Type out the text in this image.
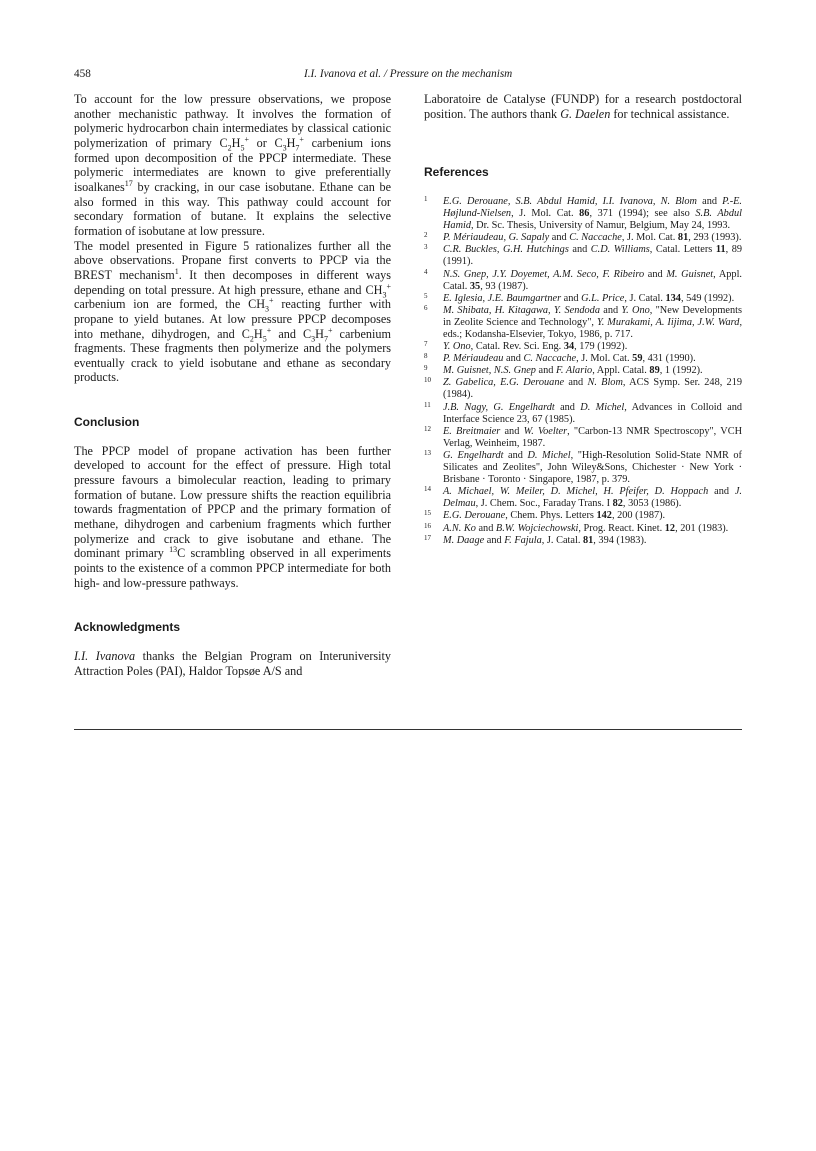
458	I.I. Ivanova et al. / Pressure on the mechanism

To account for the low pressure observations, we propose another mechanistic pathway. It involves the formation of polymeric hydrocarbon chain intermediates by classical cationic polymerization of primary $C_2H_5^+$ or $C_3H_7^+$ carbenium ions formed upon decomposition of the PPCP intermediate. These polymeric intermediates are known to give preferentially isoalkanes$^{17}$ by cracking, in our case isobutane. Ethane can be also formed in this way. This pathway could account for secondary formation of butane. It explains the selective formation of isobutane at low pressure.

The model presented in Figure 5 rationalizes further all the above observations. Propane first converts to PPCP via the BREST mechanism$^1$. It then decomposes in different ways depending on total pressure. At high pressure, ethane and $CH_3^+$ carbenium ion are formed, the $CH_3^+$ reacting further with propane to yield butanes. At low pressure PPCP decomposes into methane, dihydrogen, and $C_2H_5^+$ and $C_3H_7^+$ carbenium fragments. These fragments then polymerize and the polymers eventually crack to yield isobutane and ethane as secondary products.

Conclusion

The PPCP model of propane activation has been further developed to account for the effect of pressure. High total pressure favours a bimolecular reaction, leading to primary formation of butane. Low pressure shifts the reaction equilibria towards fragmentation of PPCP and the primary formation of methane, dihydrogen and carbenium fragments which further polymerize and crack to give isobutane and ethane. The dominant primary $^{13}$C scrambling observed in all experiments points to the existence of a common PPCP intermediate for both high- and low-pressure pathways.

Acknowledgments

I.I. Ivanova thanks the Belgian Program on Interuniversity Attraction Poles (PAI), Haldor Topsøe A/S and

Laboratoire de Catalyse (FUNDP) for a research postdoctoral position. The authors thank G. Daelen for technical assistance.

References

1 E.G. Derouane, S.B. Abdul Hamid, I.I. Ivanova, N. Blom and P.-E. Højlund-Nielsen, J. Mol. Cat. 86, 371 (1994); see also S.B. Abdul Hamid, Dr. Sc. Thesis, University of Namur, Belgium, May 24, 1993.

2 P. Mériaudeau, G. Sapaly and C. Naccache, J. Mol. Cat. 81, 293 (1993).

3 C.R. Buckles, G.H. Hutchings and C.D. Williams, Catal. Letters 11, 89 (1991).

4 N.S. Gnep, J.Y. Doyemet, A.M. Seco, F. Ribeiro and M. Guisnet, Appl. Catal. 35, 93 (1987).

5 E. Iglesia, J.E. Baumgartner and G.L. Price, J. Catal. 134, 549 (1992).

6 M. Shibata, H. Kitagawa, Y. Sendoda and Y. Ono, "New Developments in Zeolite Science and Technology", Y. Murakami, A. Iijima, J.W. Ward, eds.; Kodansha-Elsevier, Tokyo, 1986, p. 717.

7 Y. Ono, Catal. Rev. Sci. Eng. 34, 179 (1992).

8 P. Mériaudeau and C. Naccache, J. Mol. Cat. 59, 431 (1990).

9 M. Guisnet, N.S. Gnep and F. Alario, Appl. Catal. 89, 1 (1992).

10 Z. Gabelica, E.G. Derouane and N. Blom, ACS Symp. Ser. 248, 219 (1984).

11 J.B. Nagy, G. Engelhardt and D. Michel, Advances in Colloid and Interface Science 23, 67 (1985).

12 E. Breitmaier and W. Voelter, "Carbon-13 NMR Spectroscopy", VCH Verlag, Weinheim, 1987.

13 G. Engelhardt and D. Michel, "High-Resolution Solid-State NMR of Silicates and Zeolites", John Wiley&Sons, Chichester · New York · Brisbane · Toronto · Singapore, 1987, p. 379.

14 A. Michael, W. Meiler, D. Michel, H. Pfeifer, D. Hoppach and J. Delmau, J. Chem. Soc., Faraday Trans. I 82, 3053 (1986).

15 E.G. Derouane, Chem. Phys. Letters 142, 200 (1987).

16 A.N. Ko and B.W. Wojciechowski, Prog. React. Kinet. 12, 201 (1983).

17 M. Daage and F. Fajula, J. Catal. 81, 394 (1983).
